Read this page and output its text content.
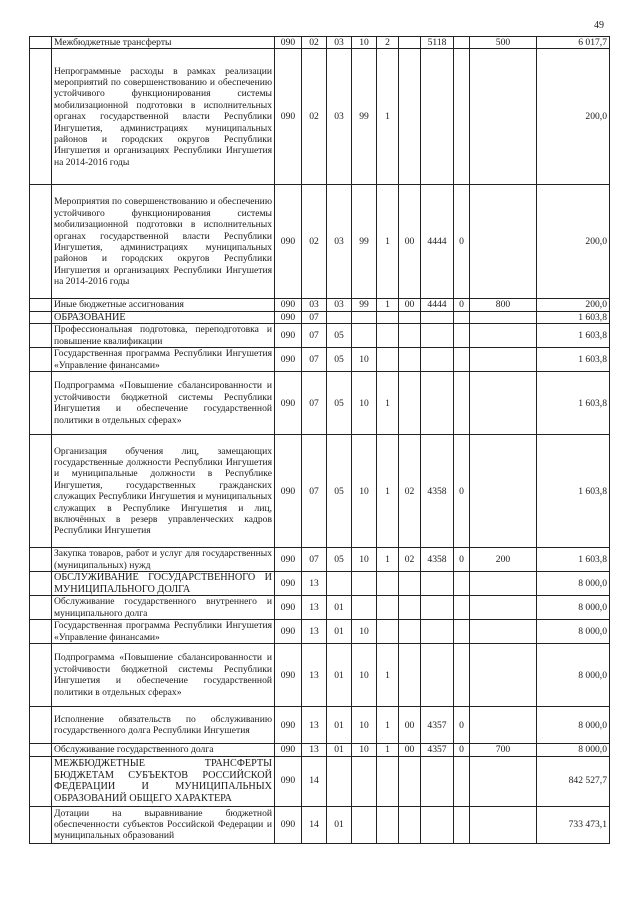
49

	Межбюджетные трансферты	090	02	03	10	2		5118		500	6 017,7

	Непрограммные расходы в рамках реализации мероприятий по совершенствованию и обеспечению устойчивого функционирования системы мобилизационной подготовки в исполнительных органах государственной власти Республики Ингушетия, администрациях муниципальных районов и городских округов Республики Ингушетия и организациях Республики Ингушетия на 2014-2016 годы	090	02	03	99	1					200,0

	Мероприятия по совершенствованию и обеспечению устойчивого функционирования системы мобилизационной подготовки в исполнительных органах государственной власти Республики Ингушетия, администрациях муниципальных районов и городских округов Республики Ингушетия и организациях Республики Ингушетия на 2014-2016 годы	090	02	03	99	1	00	4444	0		200,0

	Иные бюджетные ассигнования	090	03	03	99	1	00	4444	0	800	200,0

	ОБРАЗОВАНИЕ	090	07								1 603,8

	Профессиональная подготовка, переподготовка и повышение квалификации	090	07	05							1 603,8

	Государственная программа Республики Ингушетия «Управление финансами»	090	07	05	10						1 603,8

	Подпрограмма «Повышение сбалансированности и устойчивости бюджетной системы Республики Ингушетия и обеспечение государственной политики в отдельных сферах»	090	07	05	10	1					1 603,8

	Организация обучения лиц, замещающих государственные должности Республики Ингушетия и муниципальные должности в Республике Ингушетия, государственных гражданских служащих Республики Ингушетия и муниципальных служащих в Республике Ингушетия и лиц, включённых в резерв управленческих кадров Республики Ингушетия	090	07	05	10	1	02	4358	0		1 603,8

	Закупка товаров, работ и услуг для государственных (муниципальных) нужд	090	07	05	10	1	02	4358	0	200	1 603,8

	ОБСЛУЖИВАНИЕ ГОСУДАРСТВЕННОГО И МУНИЦИПАЛЬНОГО ДОЛГА	090	13								8 000,0

	Обслуживание государственного внутреннего и муниципального долга	090	13	01							8 000,0

	Государственная программа Республики Ингушетия «Управление финансами»	090	13	01	10						8 000,0

	Подпрограмма «Повышение сбалансированности и устойчивости бюджетной системы Республики Ингушетия и обеспечение государственной политики в отдельных сферах»	090	13	01	10	1					8 000,0

	Исполнение обязательств по обслуживанию государственного долга Республики Ингушетия	090	13	01	10	1	00	4357	0		8 000,0

	Обслуживание государственного долга	090	13	01	10	1	00	4357	0	700	8 000,0

	МЕЖБЮДЖЕТНЫЕ ТРАНСФЕРТЫ БЮДЖЕТАМ СУБЪЕКТОВ РОССИЙСКОЙ ФЕДЕРАЦИИ И МУНИЦИПАЛЬНЫХ ОБРАЗОВАНИЙ ОБЩЕГО ХАРАКТЕРА	090	14								842 527,7

	Дотации на выравнивание бюджетной обеспеченности субъектов Российской Федерации и муниципальных образований	090	14	01							733 473,1
